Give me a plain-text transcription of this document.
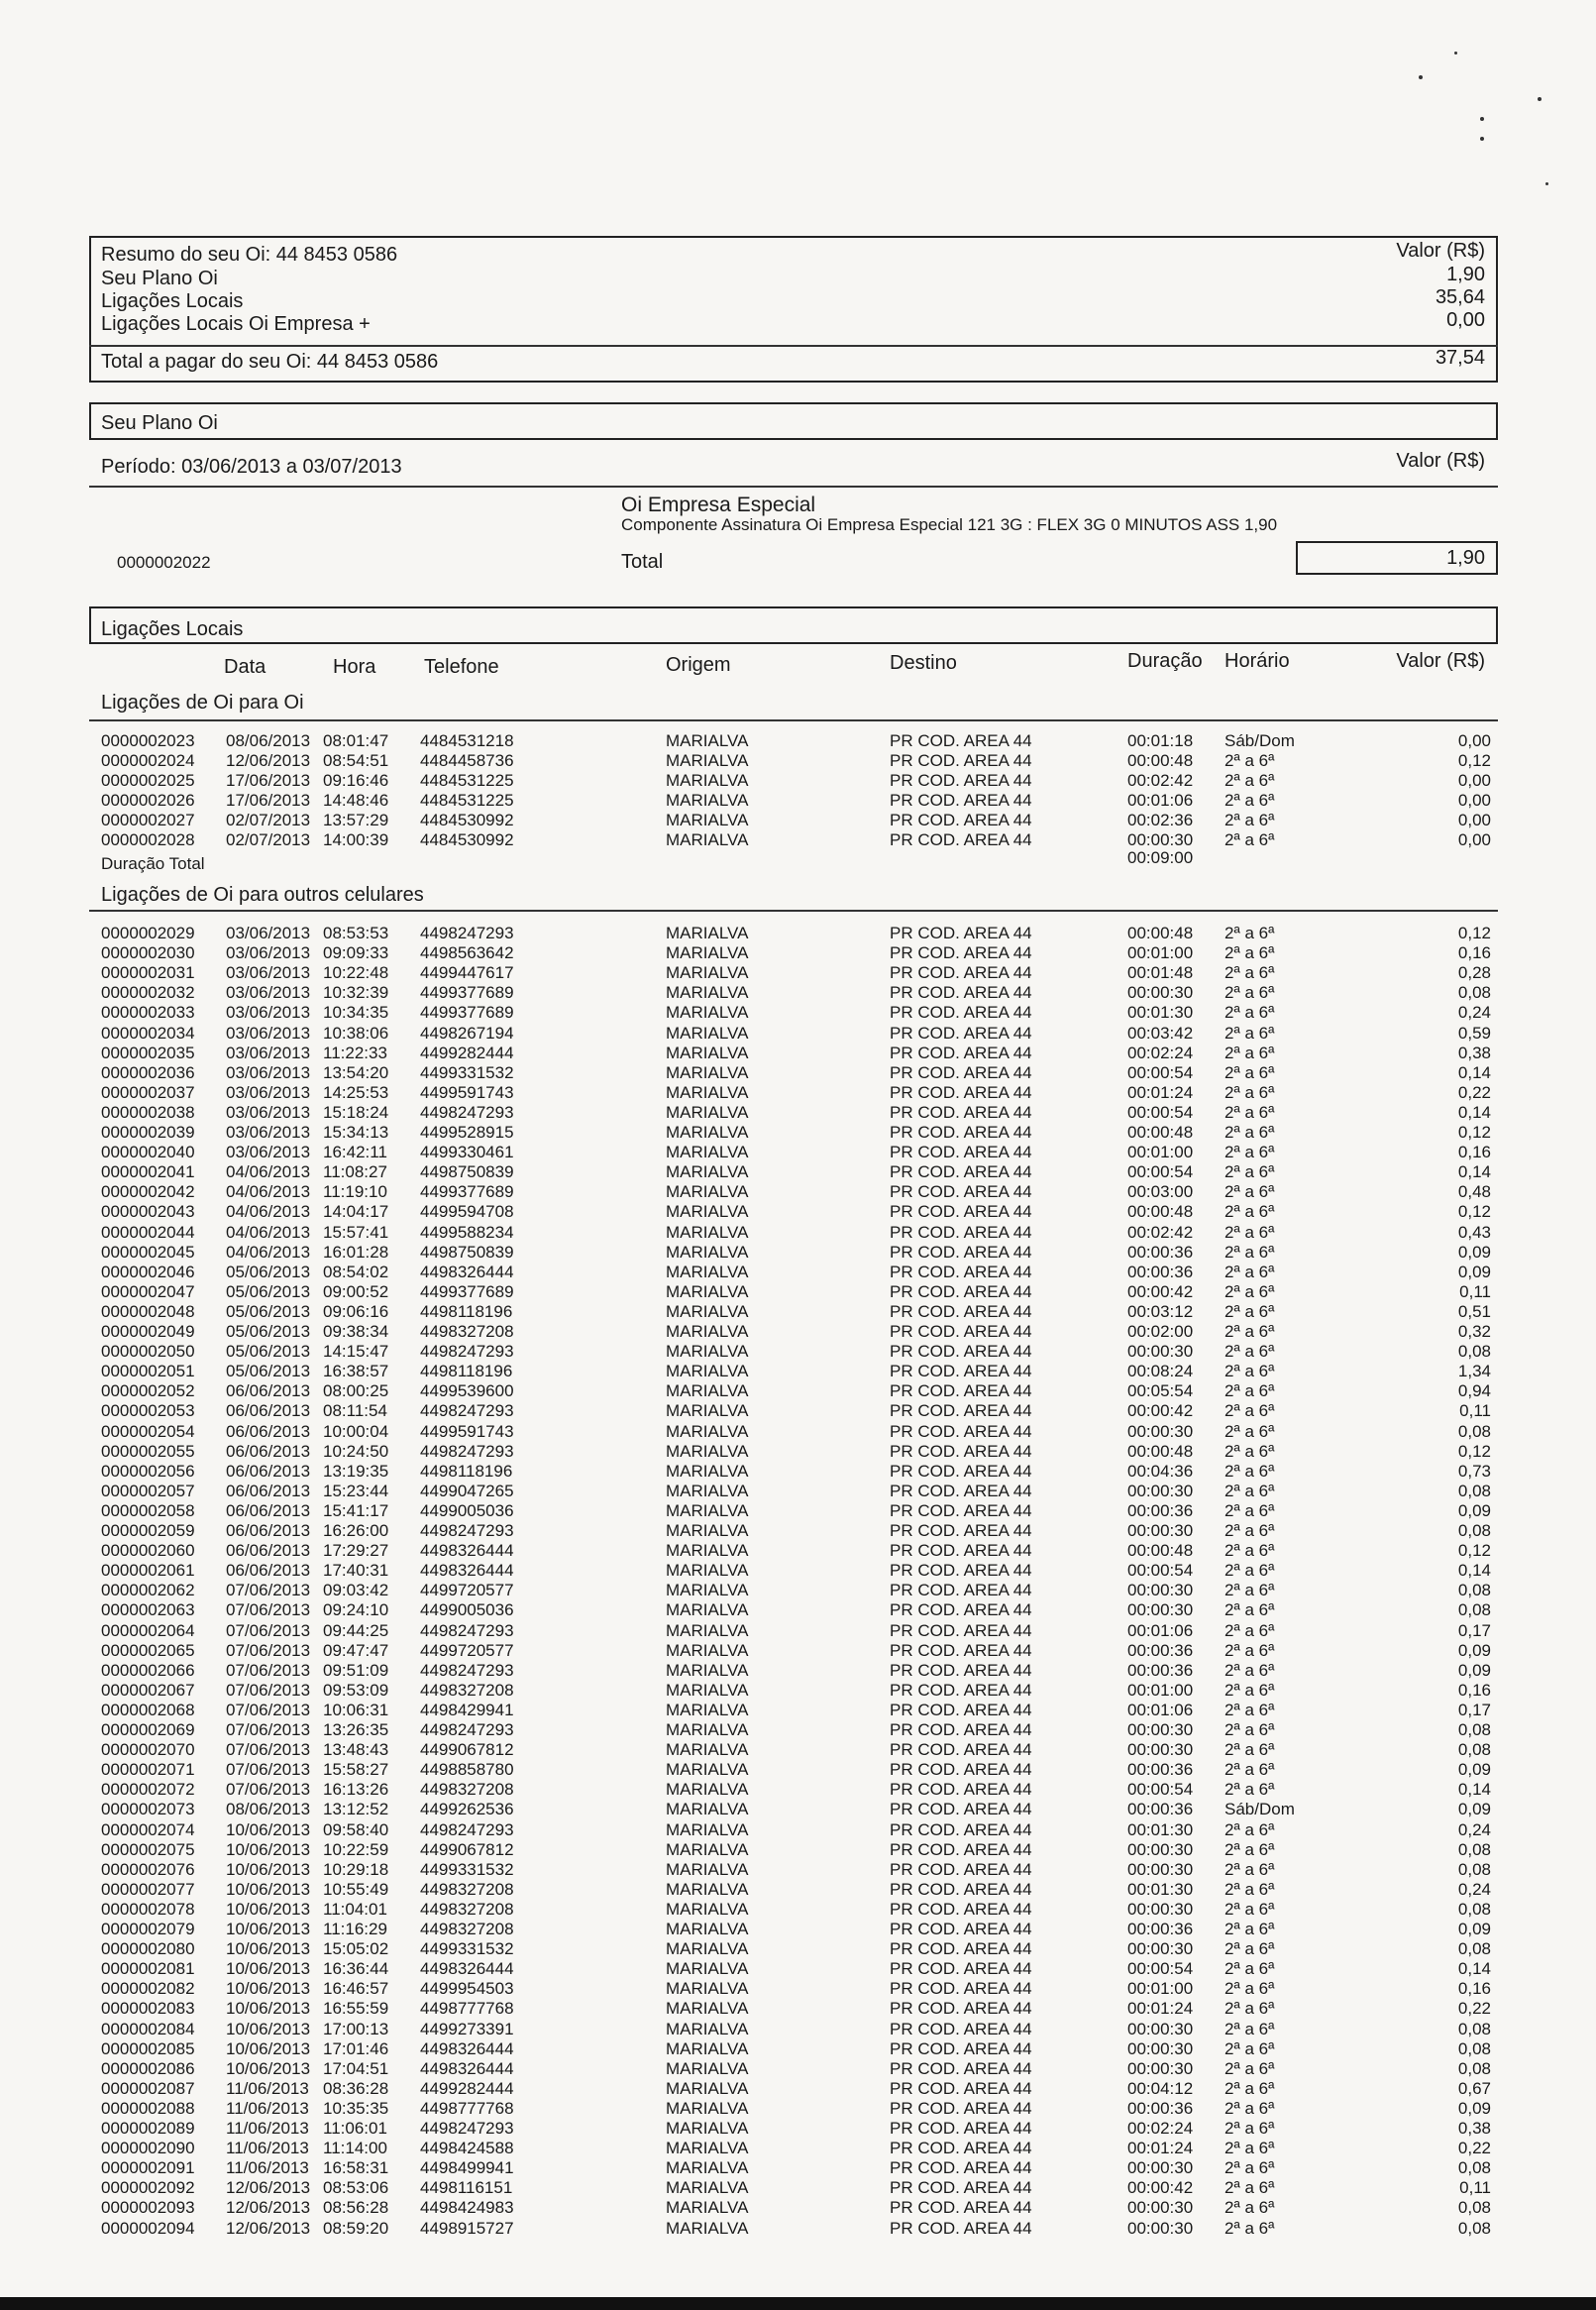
Resumo do seu Oi: 44 8453 0586	Valor (R$)
Seu Plano Oi	1,90
Ligações Locais	35,64
Ligações Locais Oi Empresa +	0,00
Total a pagar do seu Oi: 44 8453 0586	37,54
Seu Plano Oi
Período: 03/06/2013 a 03/07/2013	Valor (R$)
Oi Empresa Especial
Componente Assinatura Oi Empresa Especial 121 3G : FLEX 3G 0 MINUTOS ASS 1,90
0000002022	Total	1,90
Ligações Locais
Data	Hora Telefone	Origem	Destino	Duração Horário	Valor (R$)
Ligações de Oi para Oi
0000002023 08/06/2013 08:01:47 4484531218	MARIALVA	PR COD. AREA 44	00:01:18 Sáb/Dom	0,00
0000002024 12/06/2013 08:54:51 4484458736	MARIALVA	PR COD. AREA 44	00:00:48 2ª a 6ª	0,12
0000002025 17/06/2013 09:16:46 4484531225	MARIALVA	PR COD. AREA 44	00:02:42 2ª a 6ª	0,00
0000002026 17/06/2013 14:48:46 4484531225	MARIALVA	PR COD. AREA 44	00:01:06 2ª a 6ª	0,00
0000002027 02/07/2013 13:57:29 4484530992	MARIALVA	PR COD. AREA 44	00:02:36 2ª a 6ª	0,00
0000002028 02/07/2013 14:00:39 4484530992	MARIALVA	PR COD. AREA 44	00:00:30 2ª a 6ª	0,00
Duração Total	00:09:00
Ligações de Oi para outros celulares
0000002029 03/06/2013 08:53:53 4498247293	MARIALVA	PR COD. AREA 44	00:00:48 2ª a 6ª	0,12
0000002030 03/06/2013 09:09:33 4498563642	MARIALVA	PR COD. AREA 44	00:01:00 2ª a 6ª	0,16
0000002031 03/06/2013 10:22:48 4499447617	MARIALVA	PR COD. AREA 44	00:01:48 2ª a 6ª	0,28
0000002032 03/06/2013 10:32:39 4499377689	MARIALVA	PR COD. AREA 44	00:00:30 2ª a 6ª	0,08
0000002033 03/06/2013 10:34:35 4499377689	MARIALVA	PR COD. AREA 44	00:01:30 2ª a 6ª	0,24
0000002034 03/06/2013 10:38:06 4498267194	MARIALVA	PR COD. AREA 44	00:03:42 2ª a 6ª	0,59
0000002035 03/06/2013 11:22:33 4499282444	MARIALVA	PR COD. AREA 44	00:02:24 2ª a 6ª	0,38
0000002036 03/06/2013 13:54:20 4499331532	MARIALVA	PR COD. AREA 44	00:00:54 2ª a 6ª	0,14
0000002037 03/06/2013 14:25:53 4499591743	MARIALVA	PR COD. AREA 44	00:01:24 2ª a 6ª	0,22
0000002038 03/06/2013 15:18:24 4498247293	MARIALVA	PR COD. AREA 44	00:00:54 2ª a 6ª	0,14
0000002039 03/06/2013 15:34:13 4499528915	MARIALVA	PR COD. AREA 44	00:00:48 2ª a 6ª	0,12
0000002040 03/06/2013 16:42:11 4499330461	MARIALVA	PR COD. AREA 44	00:01:00 2ª a 6ª	0,16
0000002041 04/06/2013 11:08:27 4498750839	MARIALVA	PR COD. AREA 44	00:00:54 2ª a 6ª	0,14
0000002042 04/06/2013 11:19:10 4499377689	MARIALVA	PR COD. AREA 44	00:03:00 2ª a 6ª	0,48
0000002043 04/06/2013 14:04:17 4499594708	MARIALVA	PR COD. AREA 44	00:00:48 2ª a 6ª	0,12
0000002044 04/06/2013 15:57:41 4499588234	MARIALVA	PR COD. AREA 44	00:02:42 2ª a 6ª	0,43
0000002045 04/06/2013 16:01:28 4498750839	MARIALVA	PR COD. AREA 44	00:00:36 2ª a 6ª	0,09
0000002046 05/06/2013 08:54:02 4498326444	MARIALVA	PR COD. AREA 44	00:00:36 2ª a 6ª	0,09
0000002047 05/06/2013 09:00:52 4499377689	MARIALVA	PR COD. AREA 44	00:00:42 2ª a 6ª	0,11
0000002048 05/06/2013 09:06:16 4498118196	MARIALVA	PR COD. AREA 44	00:03:12 2ª a 6ª	0,51
0000002049 05/06/2013 09:38:34 4498327208	MARIALVA	PR COD. AREA 44	00:02:00 2ª a 6ª	0,32
0000002050 05/06/2013 14:15:47 4498247293	MARIALVA	PR COD. AREA 44	00:00:30 2ª a 6ª	0,08
0000002051 05/06/2013 16:38:57 4498118196	MARIALVA	PR COD. AREA 44	00:08:24 2ª a 6ª	1,34
0000002052 06/06/2013 08:00:25 4499539600	MARIALVA	PR COD. AREA 44	00:05:54 2ª a 6ª	0,94
0000002053 06/06/2013 08:11:54 4498247293	MARIALVA	PR COD. AREA 44	00:00:42 2ª a 6ª	0,11
0000002054 06/06/2013 10:00:04 4499591743	MARIALVA	PR COD. AREA 44	00:00:30 2ª a 6ª	0,08
0000002055 06/06/2013 10:24:50 4498247293	MARIALVA	PR COD. AREA 44	00:00:48 2ª a 6ª	0,12
0000002056 06/06/2013 13:19:35 4498118196	MARIALVA	PR COD. AREA 44	00:04:36 2ª a 6ª	0,73
0000002057 06/06/2013 15:23:44 4499047265	MARIALVA	PR COD. AREA 44	00:00:30 2ª a 6ª	0,08
0000002058 06/06/2013 15:41:17 4499005036	MARIALVA	PR COD. AREA 44	00:00:36 2ª a 6ª	0,09
0000002059 06/06/2013 16:26:00 4498247293	MARIALVA	PR COD. AREA 44	00:00:30 2ª a 6ª	0,08
0000002060 06/06/2013 17:29:27 4498326444	MARIALVA	PR COD. AREA 44	00:00:48 2ª a 6ª	0,12
0000002061 06/06/2013 17:40:31 4498326444	MARIALVA	PR COD. AREA 44	00:00:54 2ª a 6ª	0,14
0000002062 07/06/2013 09:03:42 4499720577	MARIALVA	PR COD. AREA 44	00:00:30 2ª a 6ª	0,08
0000002063 07/06/2013 09:24:10 4499005036	MARIALVA	PR COD. AREA 44	00:00:30 2ª a 6ª	0,08
0000002064 07/06/2013 09:44:25 4498247293	MARIALVA	PR COD. AREA 44	00:01:06 2ª a 6ª	0,17
0000002065 07/06/2013 09:47:47 4499720577	MARIALVA	PR COD. AREA 44	00:00:36 2ª a 6ª	0,09
0000002066 07/06/2013 09:51:09 4498247293	MARIALVA	PR COD. AREA 44	00:00:36 2ª a 6ª	0,09
0000002067 07/06/2013 09:53:09 4498327208	MARIALVA	PR COD. AREA 44	00:01:00 2ª a 6ª	0,16
0000002068 07/06/2013 10:06:31 4498429941	MARIALVA	PR COD. AREA 44	00:01:06 2ª a 6ª	0,17
0000002069 07/06/2013 13:26:35 4498247293	MARIALVA	PR COD. AREA 44	00:00:30 2ª a 6ª	0,08
0000002070 07/06/2013 13:48:43 4499067812	MARIALVA	PR COD. AREA 44	00:00:30 2ª a 6ª	0,08
0000002071 07/06/2013 15:58:27 4498858780	MARIALVA	PR COD. AREA 44	00:00:36 2ª a 6ª	0,09
0000002072 07/06/2013 16:13:26 4498327208	MARIALVA	PR COD. AREA 44	00:00:54 2ª a 6ª	0,14
0000002073 08/06/2013 13:12:52 4499262536	MARIALVA	PR COD. AREA 44	00:00:36 Sáb/Dom	0,09
0000002074 10/06/2013 09:58:40 4498247293	MARIALVA	PR COD. AREA 44	00:01:30 2ª a 6ª	0,24
0000002075 10/06/2013 10:22:59 4499067812	MARIALVA	PR COD. AREA 44	00:00:30 2ª a 6ª	0,08
0000002076 10/06/2013 10:29:18 4499331532	MARIALVA	PR COD. AREA 44	00:00:30 2ª a 6ª	0,08
0000002077 10/06/2013 10:55:49 4498327208	MARIALVA	PR COD. AREA 44	00:01:30 2ª a 6ª	0,24
0000002078 10/06/2013 11:04:01 4498327208	MARIALVA	PR COD. AREA 44	00:00:30 2ª a 6ª	0,08
0000002079 10/06/2013 11:16:29 4498327208	MARIALVA	PR COD. AREA 44	00:00:36 2ª a 6ª	0,09
0000002080 10/06/2013 15:05:02 4499331532	MARIALVA	PR COD. AREA 44	00:00:30 2ª a 6ª	0,08
0000002081 10/06/2013 16:36:44 4498326444	MARIALVA	PR COD. AREA 44	00:00:54 2ª a 6ª	0,14
0000002082 10/06/2013 16:46:57 4499954503	MARIALVA	PR COD. AREA 44	00:01:00 2ª a 6ª	0,16
0000002083 10/06/2013 16:55:59 4498777768	MARIALVA	PR COD. AREA 44	00:01:24 2ª a 6ª	0,22
0000002084 10/06/2013 17:00:13 4499273391	MARIALVA	PR COD. AREA 44	00:00:30 2ª a 6ª	0,08
0000002085 10/06/2013 17:01:46 4498326444	MARIALVA	PR COD. AREA 44	00:00:30 2ª a 6ª	0,08
0000002086 10/06/2013 17:04:51 4498326444	MARIALVA	PR COD. AREA 44	00:00:30 2ª a 6ª	0,08
0000002087 11/06/2013 08:36:28 4499282444	MARIALVA	PR COD. AREA 44	00:04:12 2ª a 6ª	0,67
0000002088 11/06/2013 10:35:35 4498777768	MARIALVA	PR COD. AREA 44	00:00:36 2ª a 6ª	0,09
0000002089 11/06/2013 11:06:01 4498247293	MARIALVA	PR COD. AREA 44	00:02:24 2ª a 6ª	0,38
0000002090 11/06/2013 11:14:00 4498424588	MARIALVA	PR COD. AREA 44	00:01:24 2ª a 6ª	0,22
0000002091 11/06/2013 16:58:31 4498499941	MARIALVA	PR COD. AREA 44	00:00:30 2ª a 6ª	0,08
0000002092 12/06/2013 08:53:06 4498116151	MARIALVA	PR COD. AREA 44	00:00:42 2ª a 6ª	0,11
0000002093 12/06/2013 08:56:28 4498424983	MARIALVA	PR COD. AREA 44	00:00:30 2ª a 6ª	0,08
0000002094 12/06/2013 08:59:20 4498915727	MARIALVA	PR COD. AREA 44	00:00:30 2ª a 6ª	0,08
